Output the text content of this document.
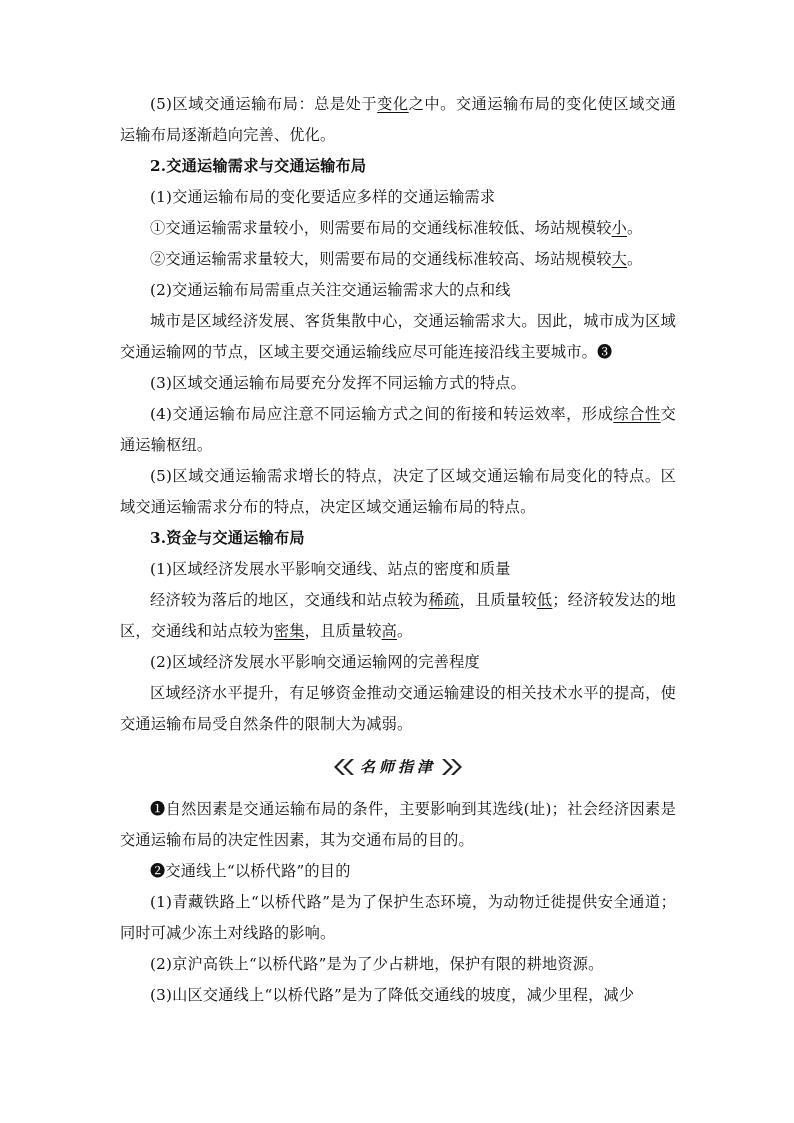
(5)区域交通运输布局：总是处于变化之中。交通运输布局的变化使区域交通运输布局逐渐趋向完善、优化。

2.交通运输需求与交通运输布局

(1)交通运输布局的变化要适应多样的交通运输需求

①交通运输需求量较小，则需要布局的交通线标准较低、场站规模较小。

②交通运输需求量较大，则需要布局的交通线标准较高、场站规模较大。

(2)交通运输布局需重点关注交通运输需求大的点和线

城市是区域经济发展、客货集散中心，交通运输需求大。因此，城市成为区域交通运输网的节点，区域主要交通运输线应尽可能连接沿线主要城市。❸

(3)区域交通运输布局要充分发挥不同运输方式的特点。

(4)交通运输布局应注意不同运输方式之间的衔接和转运效率，形成综合性交通运输枢纽。

(5)区域交通运输需求增长的特点，决定了区域交通运输布局变化的特点。区域交通运输需求分布的特点，决定区域交通运输布局的特点。

3.资金与交通运输布局

(1)区域经济发展水平影响交通线、站点的密度和质量

经济较为落后的地区，交通线和站点较为稀疏，且质量较低；经济较发达的地区，交通线和站点较为密集，且质量较高。

(2)区域经济发展水平影响交通运输网的完善程度

区域经济水平提升，有足够资金推动交通运输建设的相关技术水平的提高，使交通运输布局受自然条件的限制大为减弱。

名师指津

❶自然因素是交通运输布局的条件，主要影响到其选线(址)；社会经济因素是交通运输布局的决定性因素，其为交通布局的目的。

❷交通线上“以桥代路”的目的

(1)青藏铁路上“以桥代路”是为了保护生态环境，为动物迁徙提供安全通道；同时可减少冻土对线路的影响。

(2)京沪高铁上“以桥代路”是为了少占耕地，保护有限的耕地资源。

(3)山区交通线上“以桥代路”是为了降低交通线的坡度，减少里程，减少
